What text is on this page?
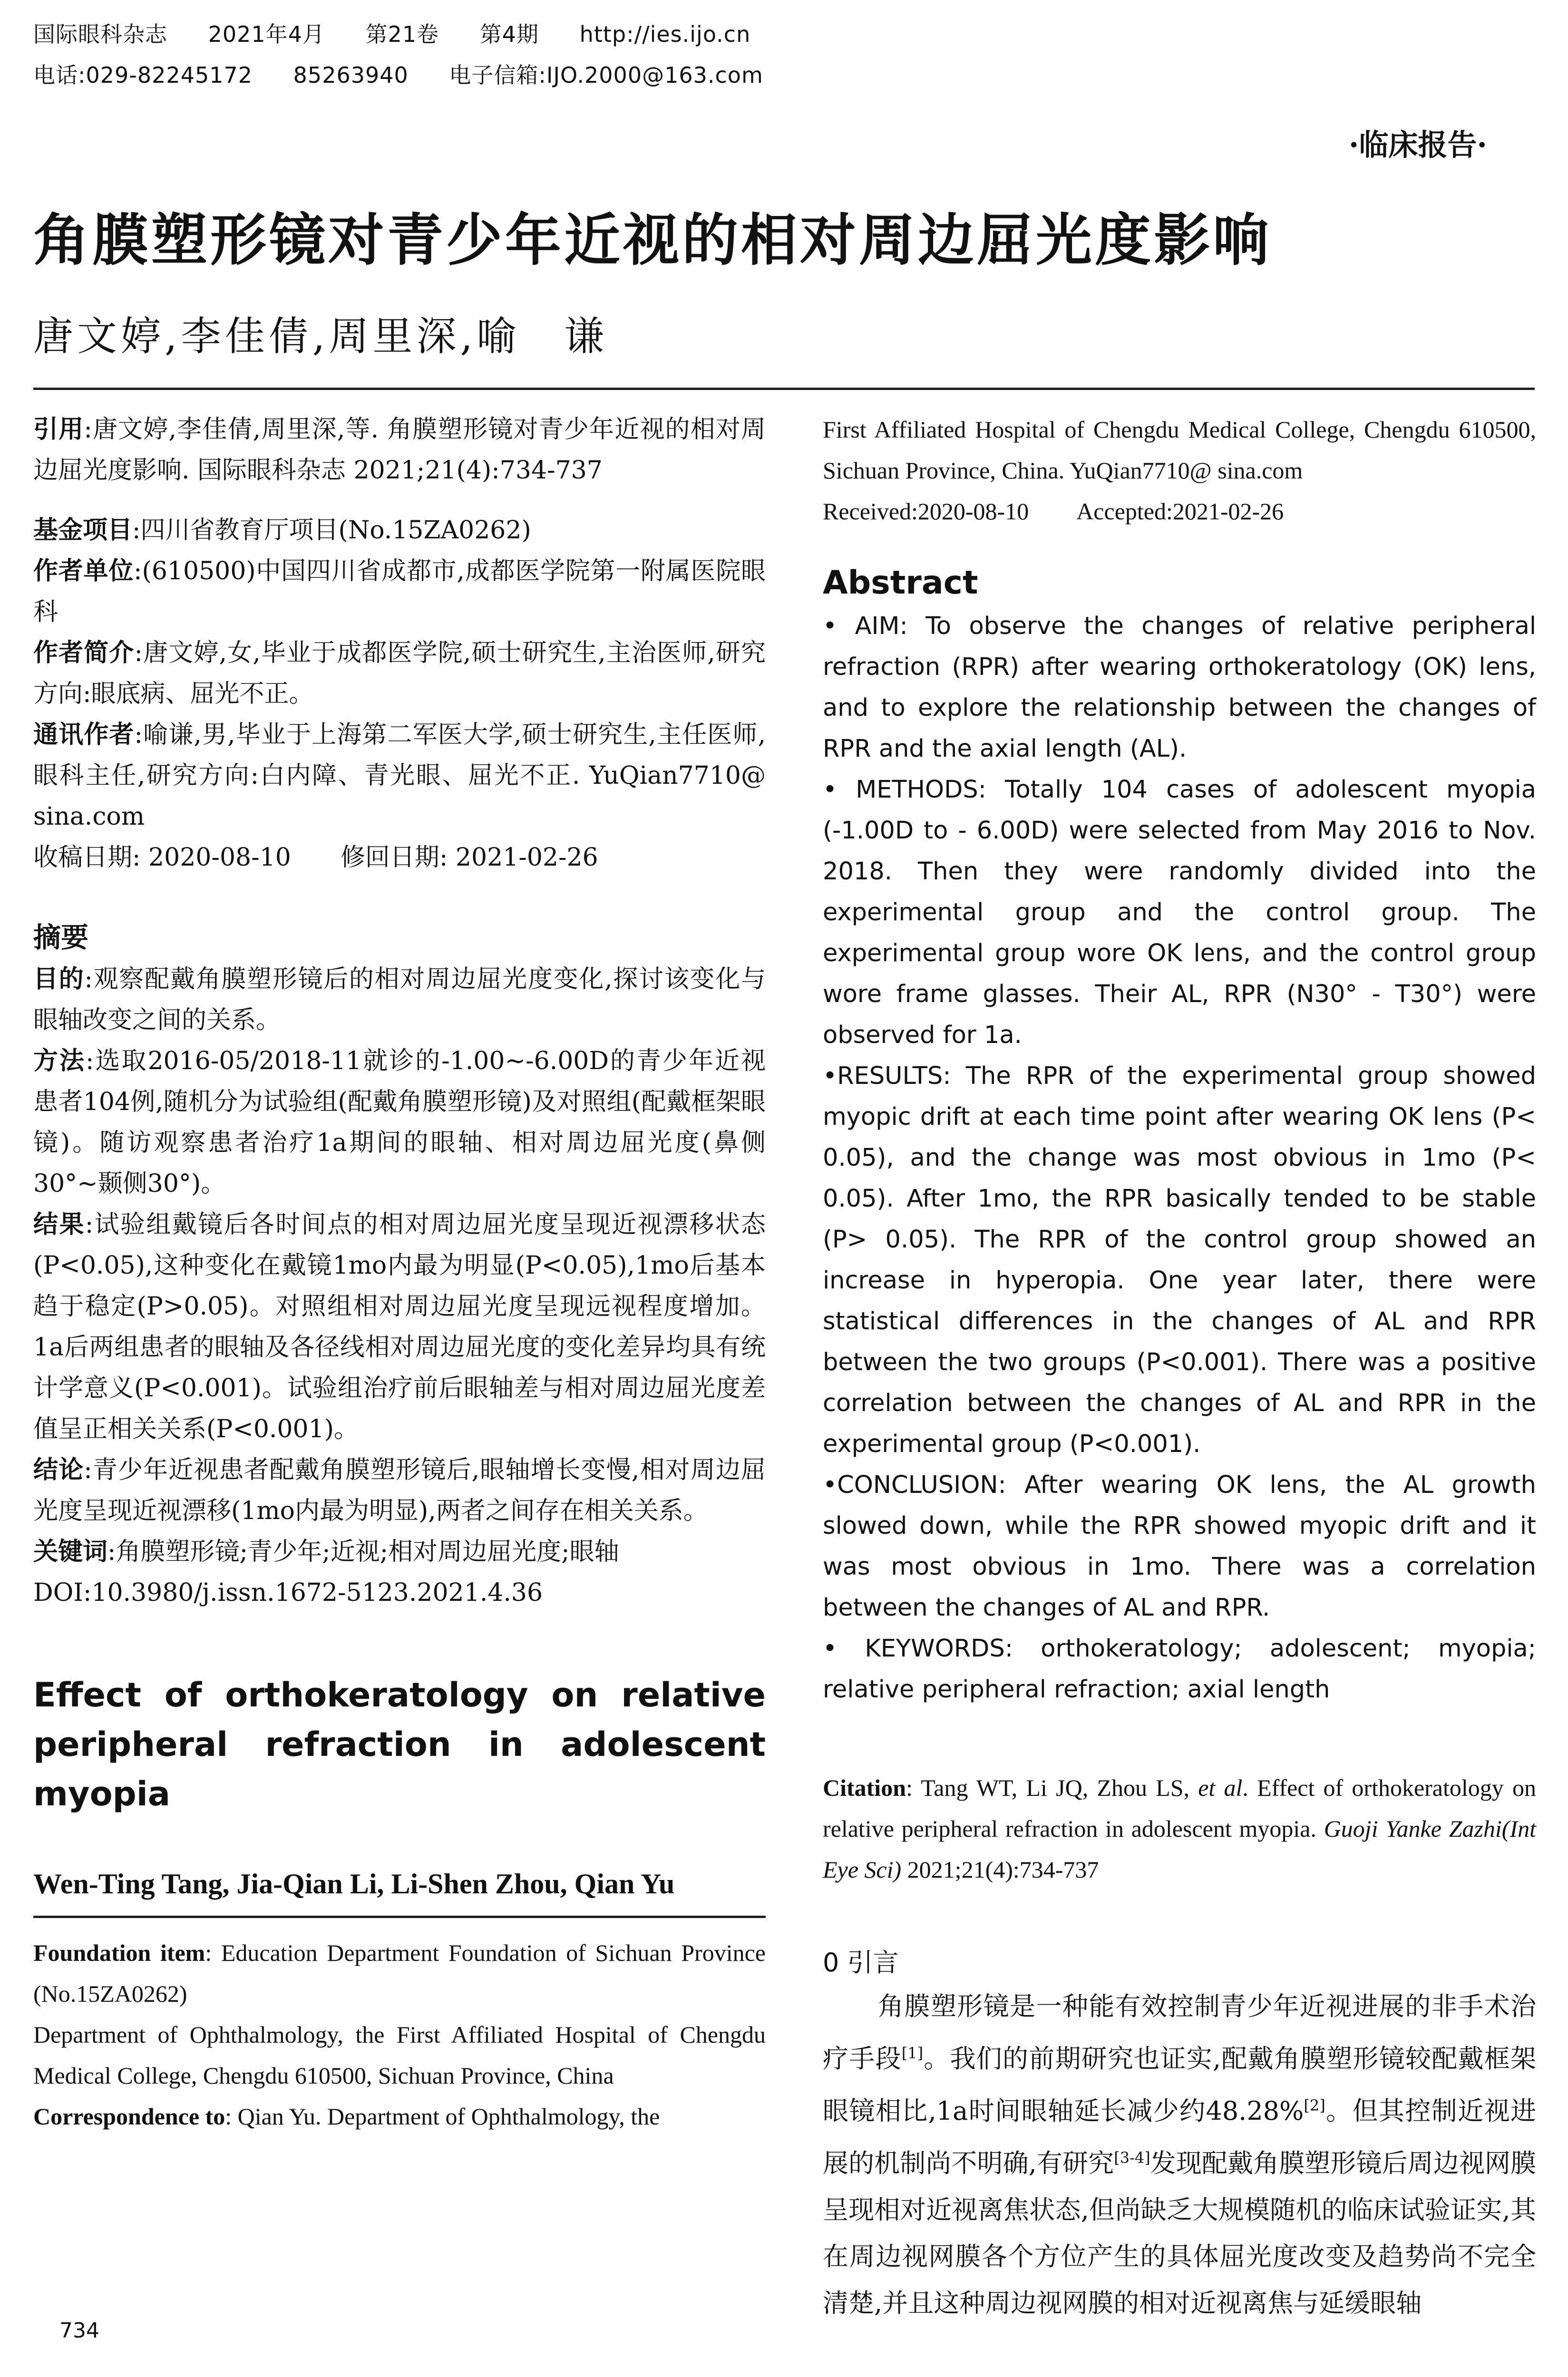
国际眼科杂志 2021年4月 第21卷 第4期 http://ies.ijo.cn
电话:029-82245172 85263940 电子信箱:IJO.2000@163.com
·临床报告·
角膜塑形镜对青少年近视的相对周边屈光度影响
唐文婷,李佳倩,周里深,喻　谦

引用:唐文婷,李佳倩,周里深,等. 角膜塑形镜对青少年近视的相对周边屈光度影响. 国际眼科杂志 2021;21(4):734-737

基金项目:四川省教育厅项目(No.15ZA0262)

作者单位:(610500)中国四川省成都市,成都医学院第一附属医院眼科

作者简介:唐文婷,女,毕业于成都医学院,硕士研究生,主治医师,研究方向:眼底病、屈光不正。

通讯作者:喻谦,男,毕业于上海第二军医大学,硕士研究生,主任医师,眼科主任,研究方向:白内障、青光眼、屈光不正. YuQian7710@ sina.com

收稿日期: 2020-08-10　　修回日期: 2021-02-26

摘要

目的:观察配戴角膜塑形镜后的相对周边屈光度变化,探讨该变化与眼轴改变之间的关系。

方法:选取2016-05/2018-11就诊的-1.00~-6.00D的青少年近视患者104例,随机分为试验组(配戴角膜塑形镜)及对照组(配戴框架眼镜)。随访观察患者治疗1a期间的眼轴、相对周边屈光度(鼻侧30°~颞侧30°)。

结果:试验组戴镜后各时间点的相对周边屈光度呈现近视漂移状态(P<0.05),这种变化在戴镜1mo内最为明显(P<0.05),1mo后基本趋于稳定(P>0.05)。对照组相对周边屈光度呈现远视程度增加。1a后两组患者的眼轴及各径线相对周边屈光度的变化差异均具有统计学意义(P<0.001)。试验组治疗前后眼轴差与相对周边屈光度差值呈正相关关系(P<0.001)。

结论:青少年近视患者配戴角膜塑形镜后,眼轴增长变慢,相对周边屈光度呈现近视漂移(1mo内最为明显),两者之间存在相关关系。

关键词:角膜塑形镜;青少年;近视;相对周边屈光度;眼轴

DOI:10.3980/j.issn.1672-5123.2021.4.36

Effect of orthokeratology on relative peripheral refraction in adolescent myopia

Wen-Ting Tang, Jia-Qian Li, Li-Shen Zhou, Qian Yu

Foundation item: Education Department Foundation of Sichuan Province (No.15ZA0262)

Department of Ophthalmology, the First Affiliated Hospital of Chengdu Medical College, Chengdu 610500, Sichuan Province, China

Correspondence to: Qian Yu. Department of Ophthalmology, the

First Affiliated Hospital of Chengdu Medical College, Chengdu 610500, Sichuan Province, China. YuQian7710@ sina.com

Received:2020-08-10　　Accepted:2021-02-26

Abstract

• AIM: To observe the changes of relative peripheral refraction (RPR) after wearing orthokeratology (OK) lens, and to explore the relationship between the changes of RPR and the axial length (AL).

• METHODS: Totally 104 cases of adolescent myopia (-1.00D to - 6.00D) were selected from May 2016 to Nov. 2018. Then they were randomly divided into the experimental group and the control group. The experimental group wore OK lens, and the control group wore frame glasses. Their AL, RPR (N30° - T30°) were observed for 1a.

•RESULTS: The RPR of the experimental group showed myopic drift at each time point after wearing OK lens (P< 0.05), and the change was most obvious in 1mo (P< 0.05). After 1mo, the RPR basically tended to be stable (P> 0.05). The RPR of the control group showed an increase in hyperopia. One year later, there were statistical differences in the changes of AL and RPR between the two groups (P<0.001). There was a positive correlation between the changes of AL and RPR in the experimental group (P<0.001).

•CONCLUSION: After wearing OK lens, the AL growth slowed down, while the RPR showed myopic drift and it was most obvious in 1mo. There was a correlation between the changes of AL and RPR.

• KEYWORDS: orthokeratology; adolescent; myopia; relative peripheral refraction; axial length

Citation: Tang WT, Li JQ, Zhou LS, et al. Effect of orthokeratology on relative peripheral refraction in adolescent myopia. Guoji Yanke Zazhi(Int Eye Sci) 2021;21(4):734-737

0 引言

角膜塑形镜是一种能有效控制青少年近视进展的非手术治疗手段[1]。我们的前期研究也证实,配戴角膜塑形镜较配戴框架眼镜相比,1a时间眼轴延长减少约48.28%[2]。但其控制近视进展的机制尚不明确,有研究[3-4]发现配戴角膜塑形镜后周边视网膜呈现相对近视离焦状态,但尚缺乏大规模随机的临床试验证实,其在周边视网膜各个方位产生的具体屈光度改变及趋势尚不完全清楚,并且这种周边视网膜的相对近视离焦与延缓眼轴

734
